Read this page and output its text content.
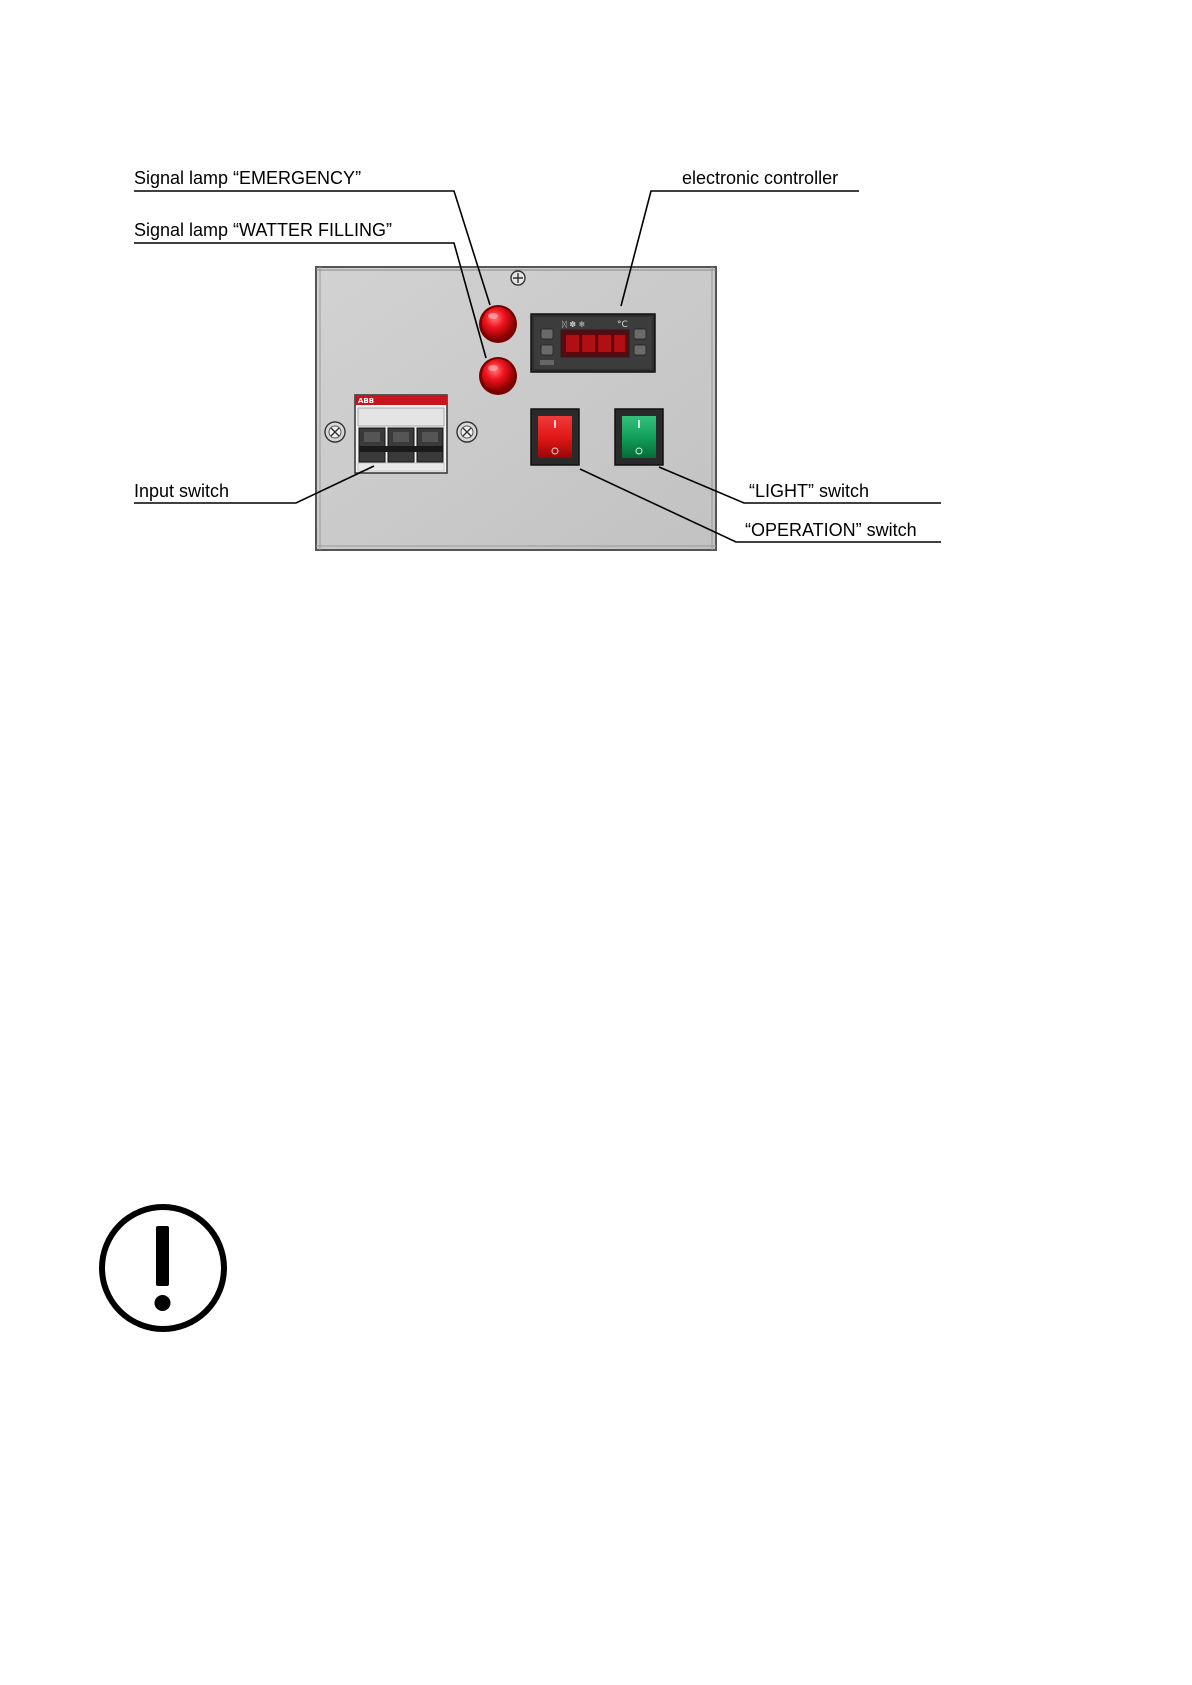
ᛞ ✽ ❄	°C
ABB
Signal lamp “EMERGENCY”
Signal lamp “WATTER FILLING”
electronic controller
Input switch	“LIGHT” switch
“OPERATION” switch
